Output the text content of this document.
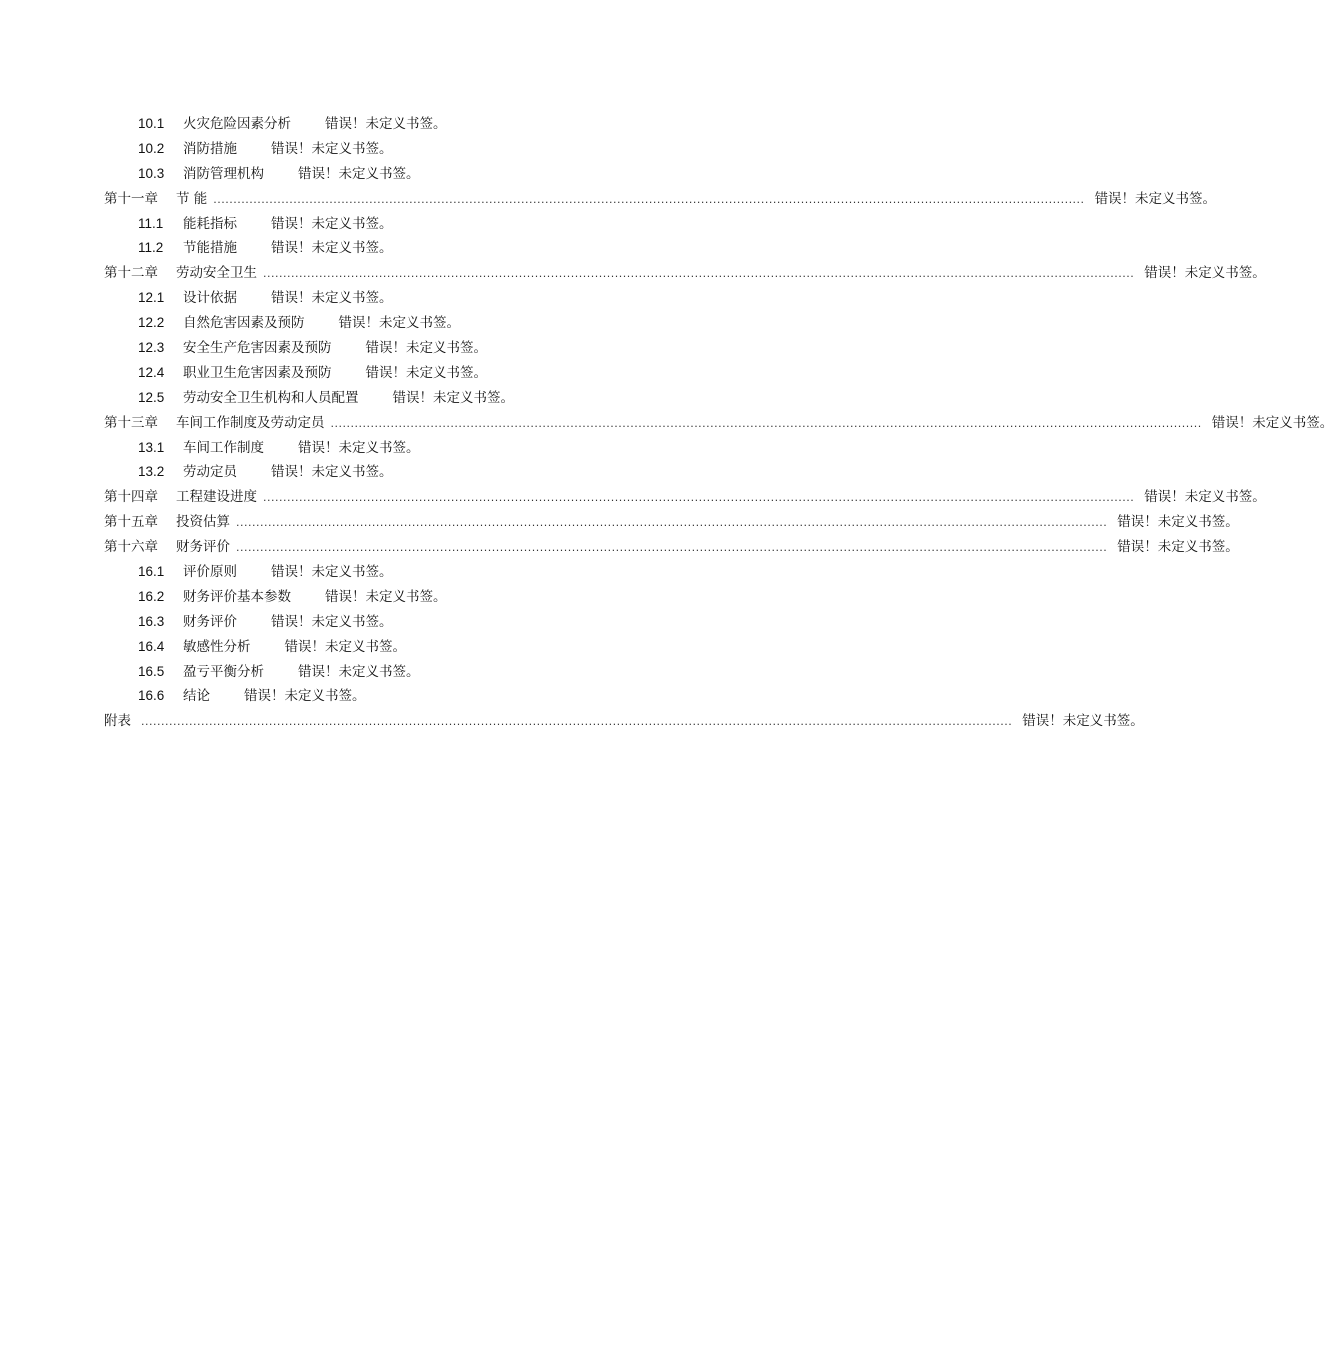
10.1 火灾危险因素分析	错误！未定义书签。
10.2 消防措施	错误！未定义书签。
10.3 消防管理机构	错误！未定义书签。
第十一章 节 能 .......................................................................................................................................................................................................................... 错误！未定义书签。
11.1 能耗指标	错误！未定义书签。
11.2 节能措施	错误！未定义书签。
第十二章 劳动安全卫生 .......................................................................................................................................................................................................................... 错误！未定义书签。
12.1 设计依据	错误！未定义书签。
12.2 自然危害因素及预防	错误！未定义书签。
12.3 安全生产危害因素及预防	错误！未定义书签。
12.4 职业卫生危害因素及预防	错误！未定义书签。
12.5 劳动安全卫生机构和人员配置	错误！未定义书签。
第十三章 车间工作制度及劳动定员 .......................................................................................................................................................................................................................... 错误！未定义书签。
13.1 车间工作制度	错误！未定义书签。
13.2 劳动定员	错误！未定义书签。
第十四章 工程建设进度 .......................................................................................................................................................................................................................... 错误！未定义书签。
第十五章 投资估算 .......................................................................................................................................................................................................................... 错误！未定义书签。
第十六章 财务评价 .......................................................................................................................................................................................................................... 错误！未定义书签。
16.1 评价原则	错误！未定义书签。
16.2 财务评价基本参数	错误！未定义书签。
16.3 财务评价	错误！未定义书签。
16.4 敏感性分析	错误！未定义书签。
16.5 盈亏平衡分析	错误！未定义书签。
16.6 结论	错误！未定义书签。
附表 .......................................................................................................................................................................................................................... 错误！未定义书签。
